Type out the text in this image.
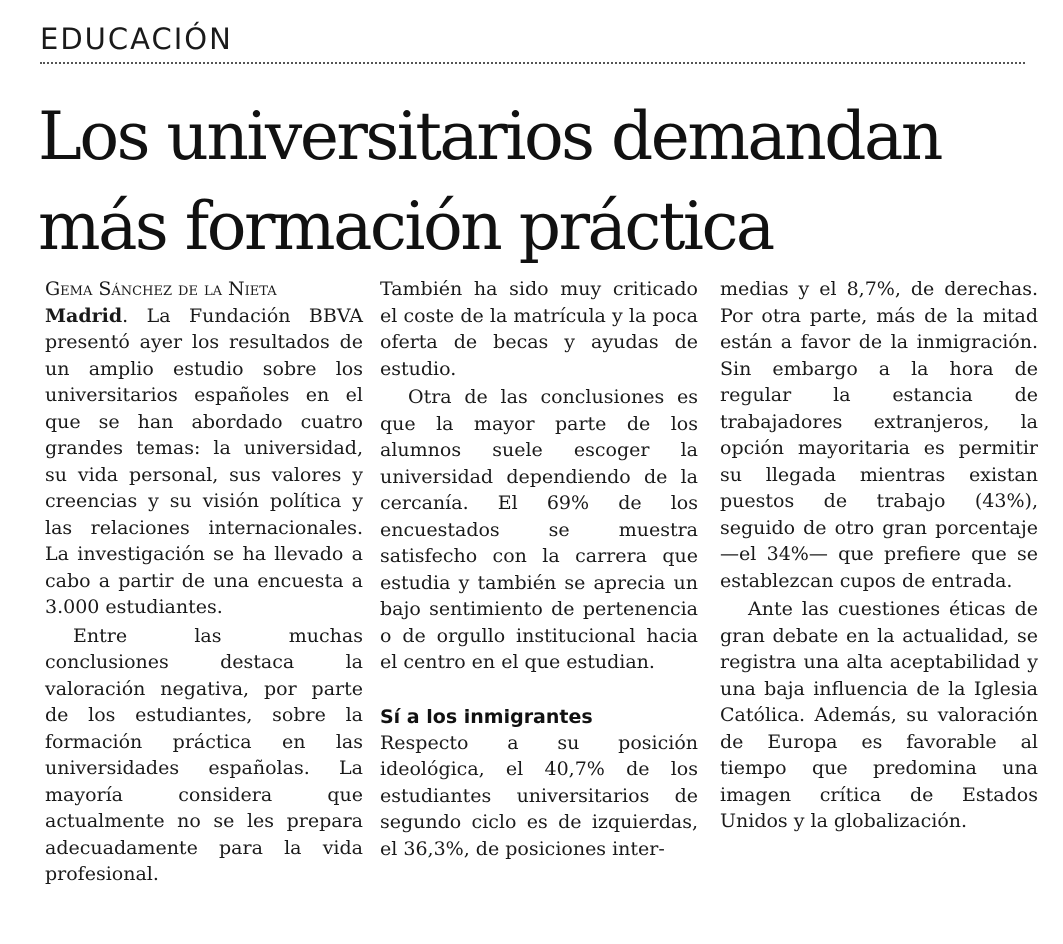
EDUCACIÓN
Los universitarios demandan
más formación práctica
Gema Sánchez de la Nieta

Madrid. La Fundación BBVA presentó ayer los resultados de un amplio estudio sobre los universitarios españoles en el que se han abordado cuatro grandes temas: la universidad, su vida personal, sus valores y creencias y su visión política y las relaciones internacionales. La investigación se ha llevado a cabo a partir de una encuesta a 3.000 estudiantes.

Entre las muchas conclusiones destaca la valoración negativa, por parte de los estudiantes, sobre la formación práctica en las universidades españolas. La mayoría considera que actualmente no se les prepara adecuadamente para la vida profesional.

También ha sido muy criticado el coste de la matrícula y la poca oferta de becas y ayudas de estudio.

Otra de las conclusiones es que la mayor parte de los alumnos suele escoger la universidad dependiendo de la cercanía. El 69% de los encuestados se muestra satisfecho con la carrera que estudia y también se aprecia un bajo sentimiento de pertenencia o de orgullo institucional hacia el centro en el que estudian.

Sí a los inmigrantes

Respecto a su posición ideológica, el 40,7% de los estudiantes universitarios de segundo ciclo es de izquierdas, el 36,3%, de posiciones inter-

medias y el 8,7%, de derechas. Por otra parte, más de la mitad están a favor de la inmigración. Sin embargo a la hora de regular la estancia de trabajadores extranjeros, la opción mayoritaria es permitir su llegada mientras existan puestos de trabajo (43%), seguido de otro gran porcentaje —el 34%— que prefiere que se establezcan cupos de entrada.

Ante las cuestiones éticas de gran debate en la actualidad, se registra una alta aceptabilidad y una baja influencia de la Iglesia Católica. Además, su valoración de Europa es favorable al tiempo que predomina una imagen crítica de Estados Unidos y la globalización.
